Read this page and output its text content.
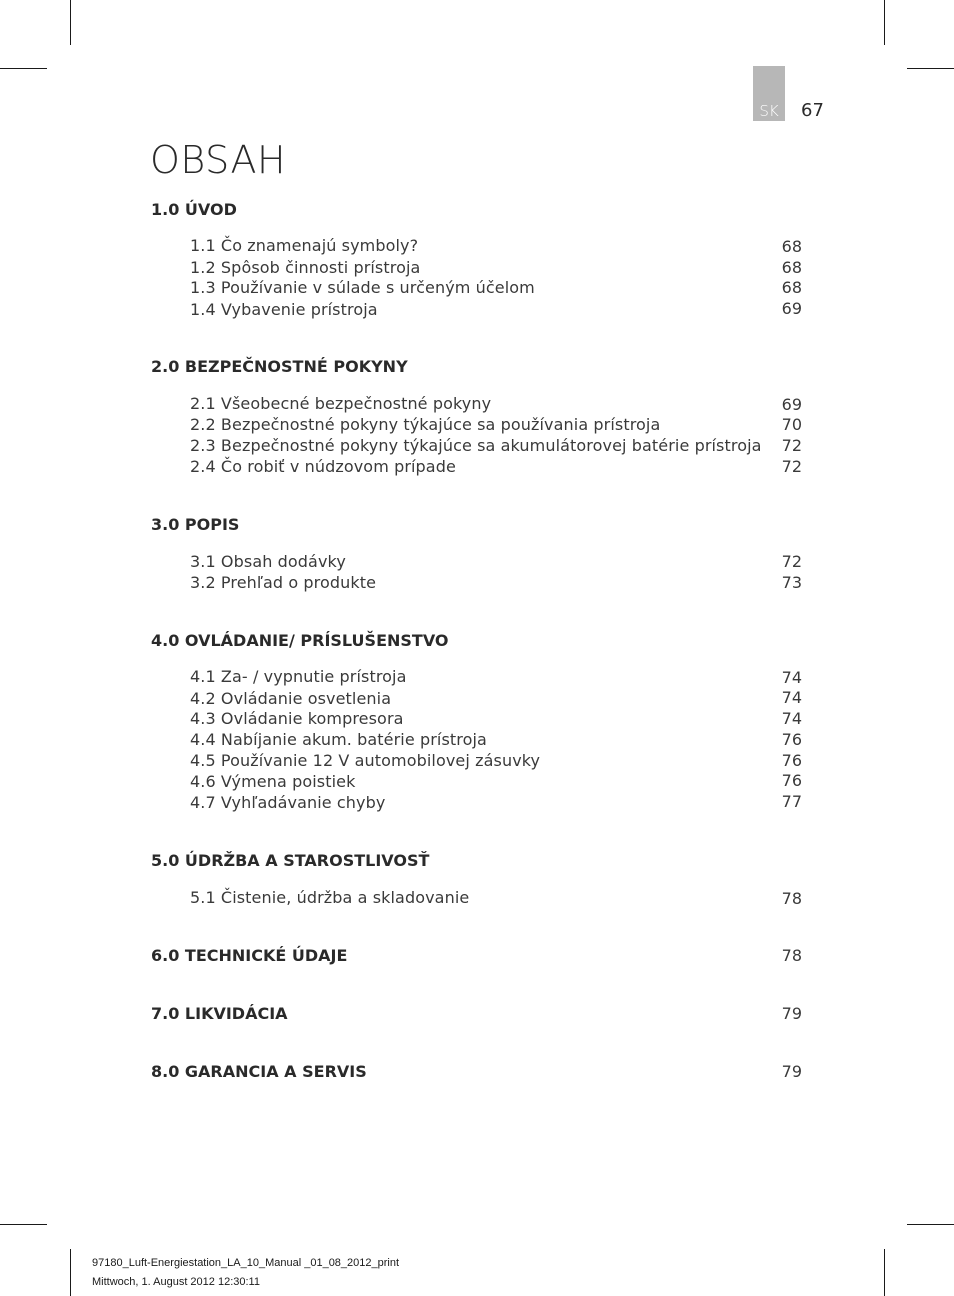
SK	67
OBSAH
1.0 ÚVOD
1.1 Čo znamenajú symboly?	68
1.2 Spôsob činnosti prístroja	68
1.3 Používanie v súlade s určeným účelom	68
1.4 Vybavenie prístroja	69
2.0 BEZPEČNOSTNÉ POKYNY
2.1 Všeobecné bezpečnostné pokyny	69
2.2 Bezpečnostné pokyny týkajúce sa používania prístroja	70
2.3 Bezpečnostné pokyny týkajúce sa akumulátorovej batérie prístroja 72
2.4 Čo robiť v núdzovom prípade	72
3.0 POPIS
3.1 Obsah dodávky	72
3.2 Prehľad o produkte	73
4.0 OVLÁDANIE/ PRÍSLUŠENSTVO
4.1 Za- / vypnutie prístroja	74
4.2 Ovládanie osvetlenia	74
4.3 Ovládanie kompresora	74
4.4 Nabíjanie akum. batérie prístroja	76
4.5 Používanie 12 V automobilovej zásuvky	76
4.6 Výmena poistiek	76
4.7 Vyhľadávanie chyby	77
5.0 ÚDRŽBA A STAROSTLIVOSŤ
5.1 Čistenie, údržba a skladovanie	78
6.0 TECHNICKÉ ÚDAJE	78
7.0 LIKVIDÁCIA	79
8.0 GARANCIA A SERVIS	79
97180_Luft-Energiestation_LA_10_Manual _01_08_2012_print
Mittwoch, 1. August 2012 12:30:11
